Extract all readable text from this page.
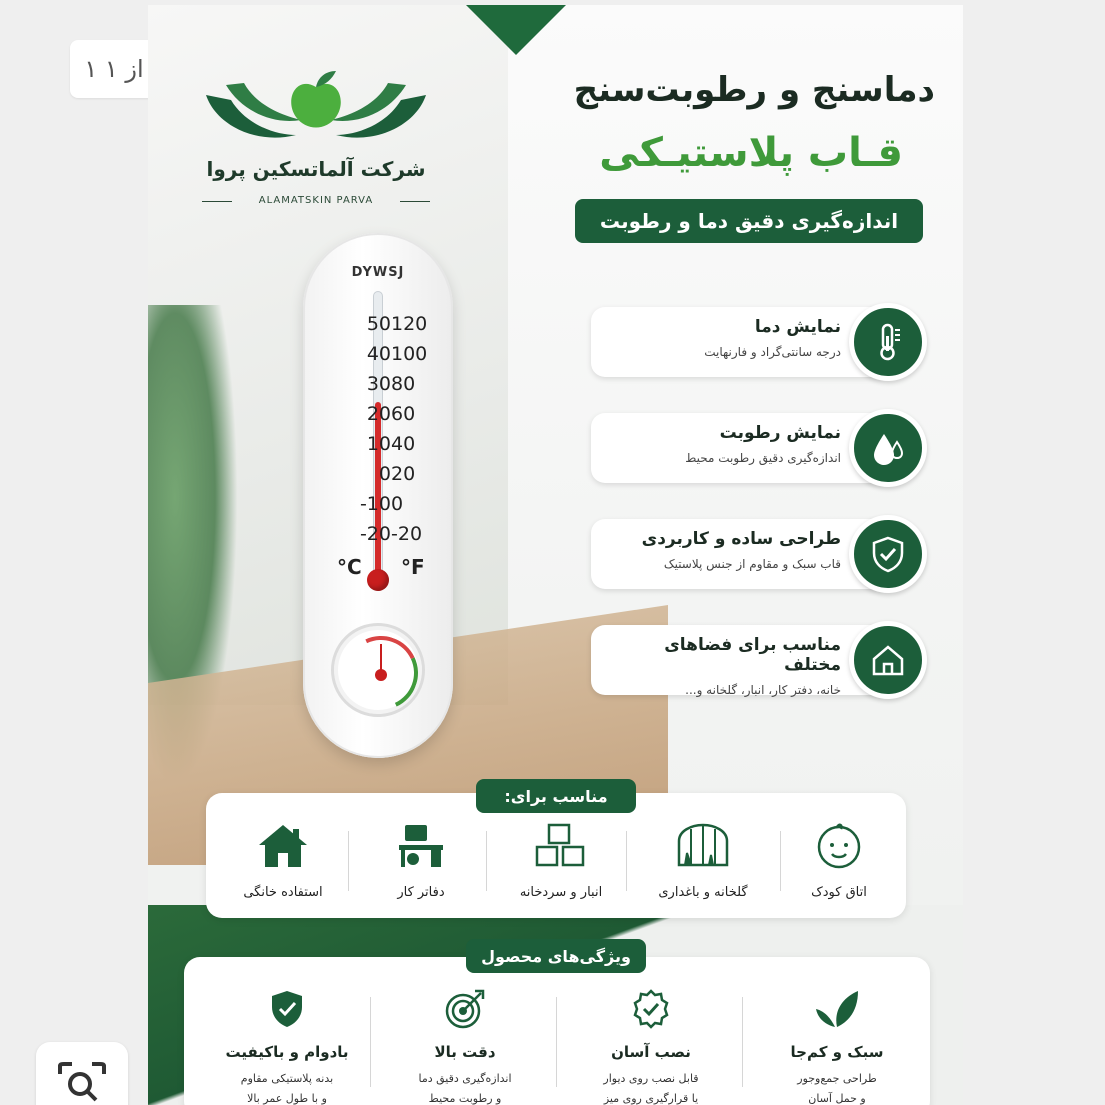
۱ از ۱
شرکت آلماتسکین پروا
ALAMATSKIN PARVA
دماسنج و رطوبت‌سنج
قـاب پلاستیـکی
اندازه‌گیری دقیق دما و رطوبت
DYWSJ
50
40
30
20
10
0
-10
-20
120
100
80
60
40
20
0
-20
°C °F
نمایش دما
درجه سانتی‌گراد و فارنهایت
نمایش رطوبت
اندازه‌گیری دقیق رطوبت محیط
طراحی ساده و کاربردی
قاب سبک و مقاوم از جنس پلاستیک
مناسب برای فضاهای مختلف
خانه، دفتر کار، انبار، گلخانه و...
استفاده خانگی	دفاتر کار	انبار و سردخانه	گلخانه و باغداری	اتاق کودک
مناسب برای:
بادوام و باکیفیت
بدنه پلاستیکی مقاوم
و با طول عمر بالا
دقت بالا
اندازه‌گیری دقیق دما
و رطوبت محیط
نصب آسان
قابل نصب روی دیوار
یا قرارگیری روی میز
سبک و کم‌جا
طراحی جمع‌وجور
و حمل آسان
ویژگی‌های محصول
